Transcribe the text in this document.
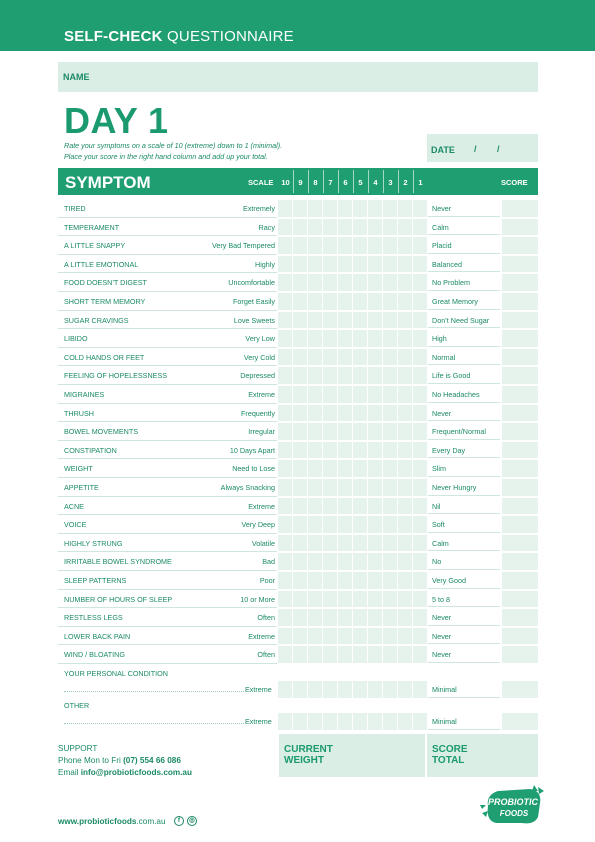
SELF-CHECK QUESTIONNAIRE
NAME
DAY 1
Rate your symptoms on a scale of 10 (extreme) down to 1 (minimal).
Place your score in the right hand column and add up your total.
DATE / /
SYMPTOM	SCALE	SCORE
10	9	8	7	6	5	4	3	2	1
TIRED	Extremely	Never
TEMPERAMENT	Racy	Calm
A LITTLE SNAPPY	Very Bad Tempered	Placid
A LITTLE EMOTIONAL	Highly	Balanced
FOOD DOESN’T DIGEST	Uncomfortable	No Problem
SHORT TERM MEMORY	Forget Easily	Great Memory
SUGAR CRAVINGS	Love Sweets	Don’t Need Sugar
LIBIDO	Very Low	High
COLD HANDS OR FEET	Very Cold	Normal
FEELING OF HOPELESSNESS	Depressed	Life is Good
MIGRAINES	Extreme	No Headaches
THRUSH	Frequently	Never
BOWEL MOVEMENTS	Irregular	Frequent/Normal
CONSTIPATION	10 Days Apart	Every Day
WEIGHT	Need to Lose	Slim
APPETITE	Always Snacking	Never Hungry
ACNE	Extreme	Nil
VOICE	Very Deep	Soft
HIGHLY STRUNG	Volatile	Calm
IRRITABLE BOWEL SYNDROME	Bad	No
SLEEP PATTERNS	Poor	Very Good
NUMBER OF HOURS OF SLEEP	10 or More	5 to 8
RESTLESS LEGS	Often	Never
LOWER BACK PAIN	Extreme	Never
WIND / BLOATING	Often	Never
YOUR PERSONAL CONDITION
Extreme	Minimal
OTHER
Extreme	Minimal
SUPPORT
Phone Mon to Fri (07) 554 66 086
Email info@probioticfoods.com.au
CURRENT WEIGHT
SCORE TOTAL
www.probioticfoods.com.au	f	◎
PROBIOTIC
FOODS
